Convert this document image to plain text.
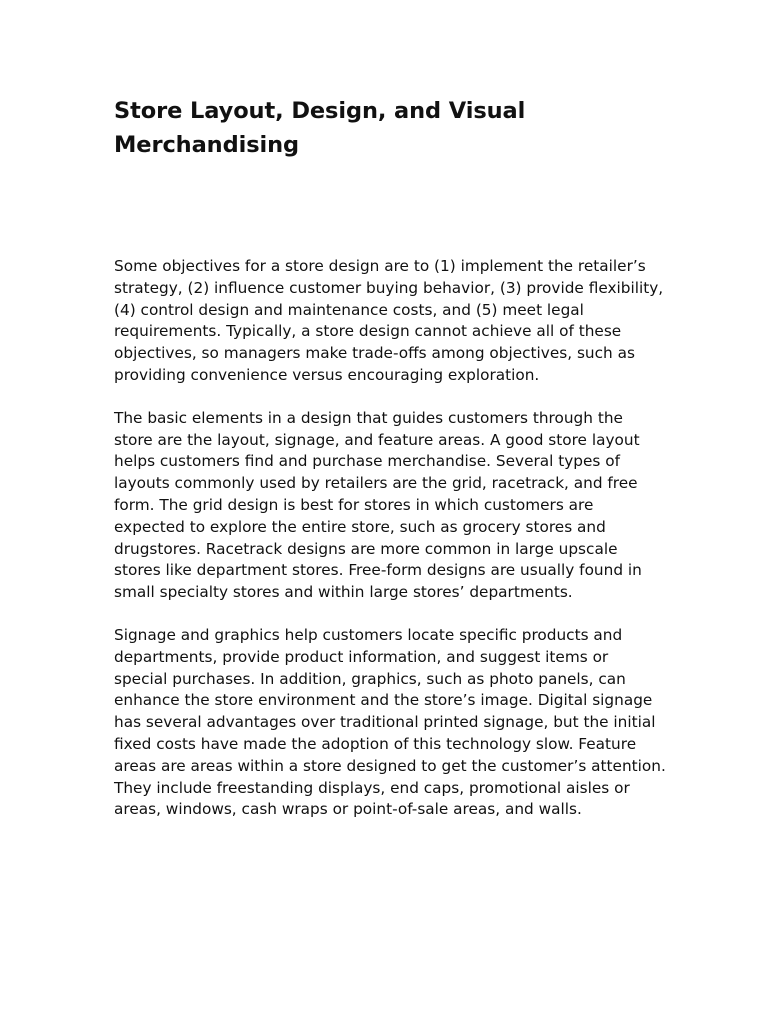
Store Layout, Design, and Visual Merchandising

Some objectives for a store design are to (1) implement the retailer’s strategy, (2) influence customer buying behavior, (3) provide flexibility, (4) control design and maintenance costs, and (5) meet legal requirements. Typically, a store design cannot achieve all of these objectives, so managers make trade-offs among objectives, such as providing convenience versus encouraging exploration.

The basic elements in a design that guides customers through the store are the layout, signage, and feature areas. A good store layout helps customers find and purchase merchandise. Several types of layouts commonly used by retailers are the grid, racetrack, and free form. The grid design is best for stores in which customers are expected to explore the entire store, such as grocery stores and drugstores. Racetrack designs are more common in large upscale stores like department stores. Free-form designs are usually found in small specialty stores and within large stores’ departments.

Signage and graphics help customers locate specific products and departments, provide product information, and suggest items or special purchases. In addition, graphics, such as photo panels, can enhance the store environment and the store’s image. Digital signage has several advantages over traditional printed signage, but the initial fixed costs have made the adoption of this technology slow. Feature areas are areas within a store designed to get the customer’s attention. They include freestanding displays, end caps, promotional aisles or areas, windows, cash wraps or point-of-sale areas, and walls.
